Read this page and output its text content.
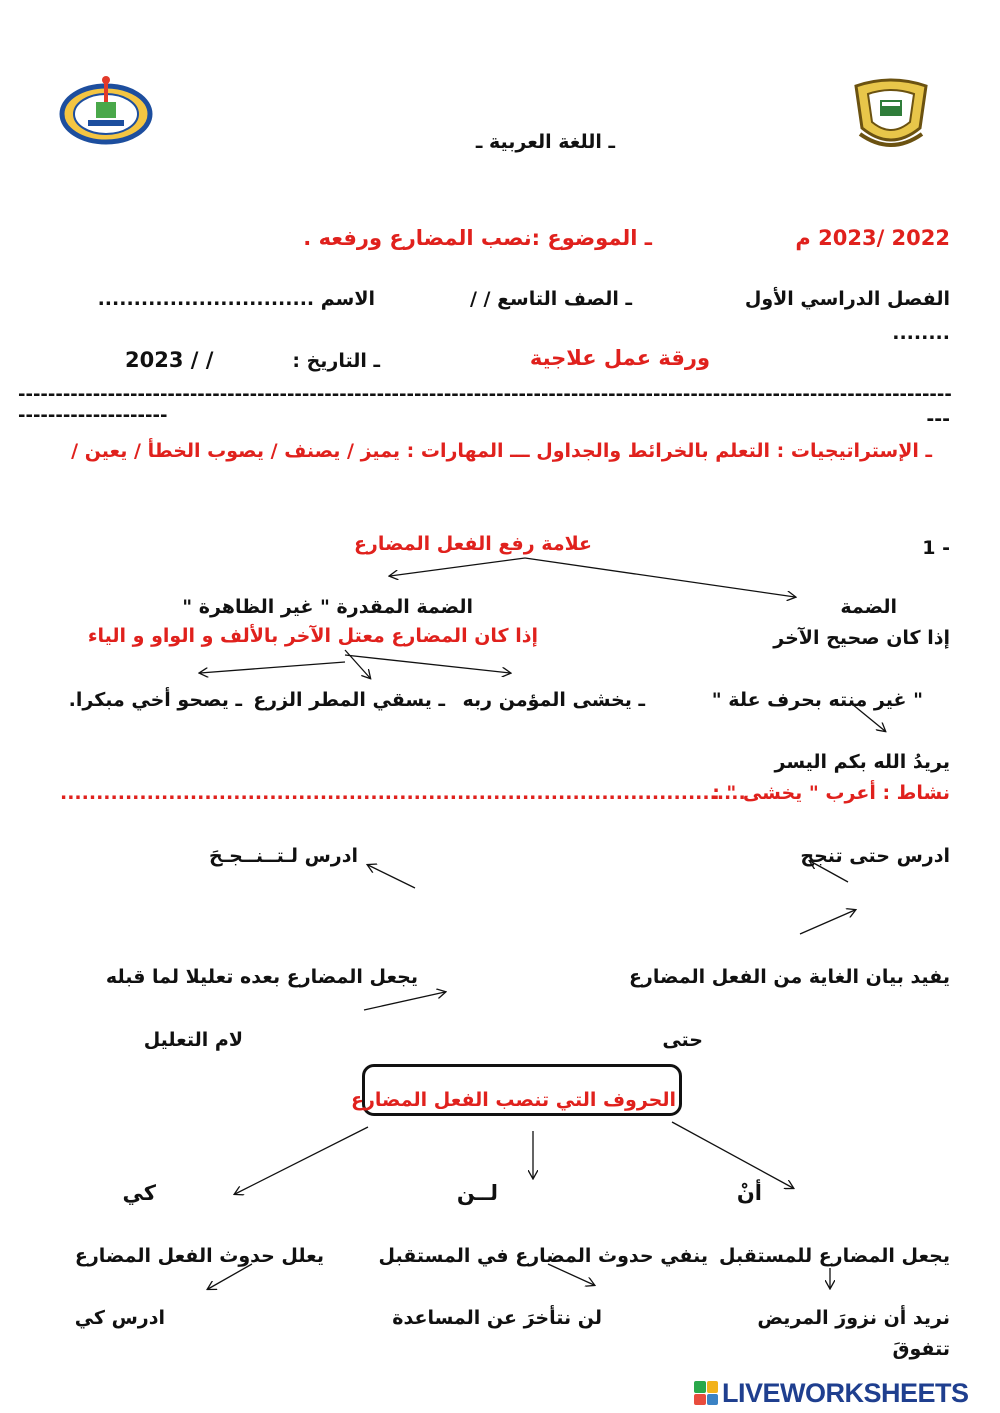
ـ اللغة العربية ـ
2022 /2023 م
ـ الموضوع :نصب المضارع ورفعه .
الفصل الدراسي الأول
ـ الصف التاسع / /
الاسم ..............................
........
ورقة عمل علاجية
ـ التاريخ :
2023 / /
-------------------------------------------------------------------------------------------------------------------------------------------------	---
ـ الإستراتيجيات : التعلم بالخرائط والجداول ـــ المهارات : يميز / يصنف / يصوب الخطأ / يعين /
1 -
علامة رفع الفعل المضارع
الضمة
الضمة المقدرة " غير الظاهرة "
إذا كان صحيح الآخر
إذا كان المضارع معتل الآخر بالألف و الواو و الياء
" غير منته بحرف علة "
ـ يخشى المؤمن ربه
ـ يسقي المطر الزرع
ـ يصحو أخي مبكرا.
يريدُ الله بكم اليسر
نشاط : أعرب " يخشى " :
...............................................................................................
ادرس حتى تنجح
ادرس لـتــنــجـحَ
يفيد بيان الغاية من الفعل المضارع
يجعل المضارع بعده تعليلا لما قبله
حتى
لام التعليل
الحروف التي تنصب الفعل المضارع
أنْ
لــن
كي
يجعل المضارع للمستقبل
ينفي حدوث المضارع في المستقبل
يعلل حدوث الفعل المضارع
نريد أن نزورَ المريض
تتفوقَ
لن نتأخرَ عن المساعدة
ادرس كي
LIVEWORKSHEETS
